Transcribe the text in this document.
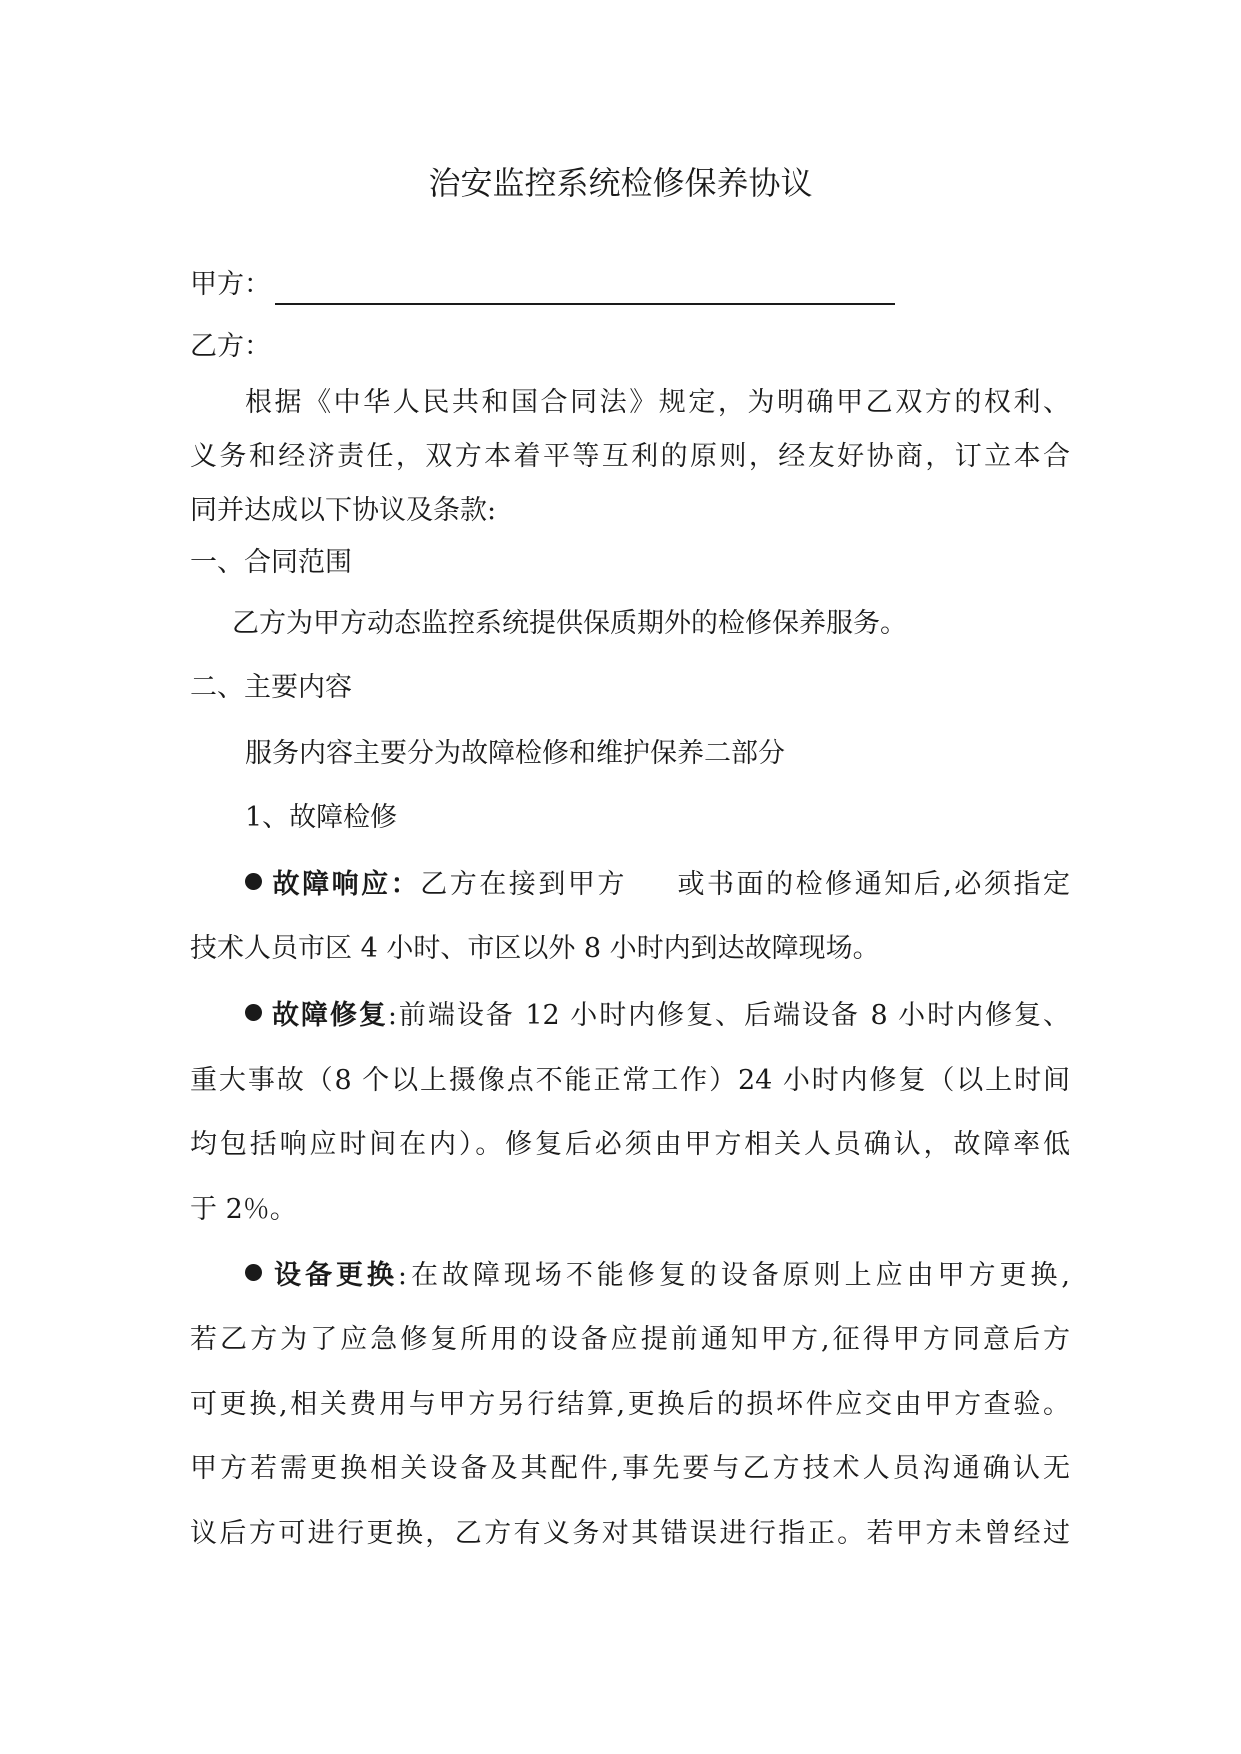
治安监控系统检修保养协议
甲方：
乙方：
根据《中华人民共和国合同法》规定，为明确甲乙双方的权利、
义务和经济责任，双方本着平等互利的原则，经友好协商，订立本合
同并达成以下协议及条款:
一、合同范围
乙方为甲方动态监控系统提供保质期外的检修保养服务。
二、主要内容
服务内容主要分为故障检修和维护保养二部分
1、故障检修
故障响应：乙方在接到甲方 或书面的检修通知后,必须指定
技术人员市区 4 小时、市区以外 8 小时内到达故障现场。
故障修复:前端设备 12 小时内修复、后端设备 8 小时内修复、
重大事故（8 个以上摄像点不能正常工作）24 小时内修复（以上时间
均包括响应时间在内）。修复后必须由甲方相关人员确认，故障率低
于 2％。
设备更换:在故障现场不能修复的设备原则上应由甲方更换,
若乙方为了应急修复所用的设备应提前通知甲方,征得甲方同意后方
可更换,相关费用与甲方另行结算,更换后的损坏件应交由甲方查验。
甲方若需更换相关设备及其配件,事先要与乙方技术人员沟通确认无
议后方可进行更换，乙方有义务对其错误进行指正。若甲方未曾经过
